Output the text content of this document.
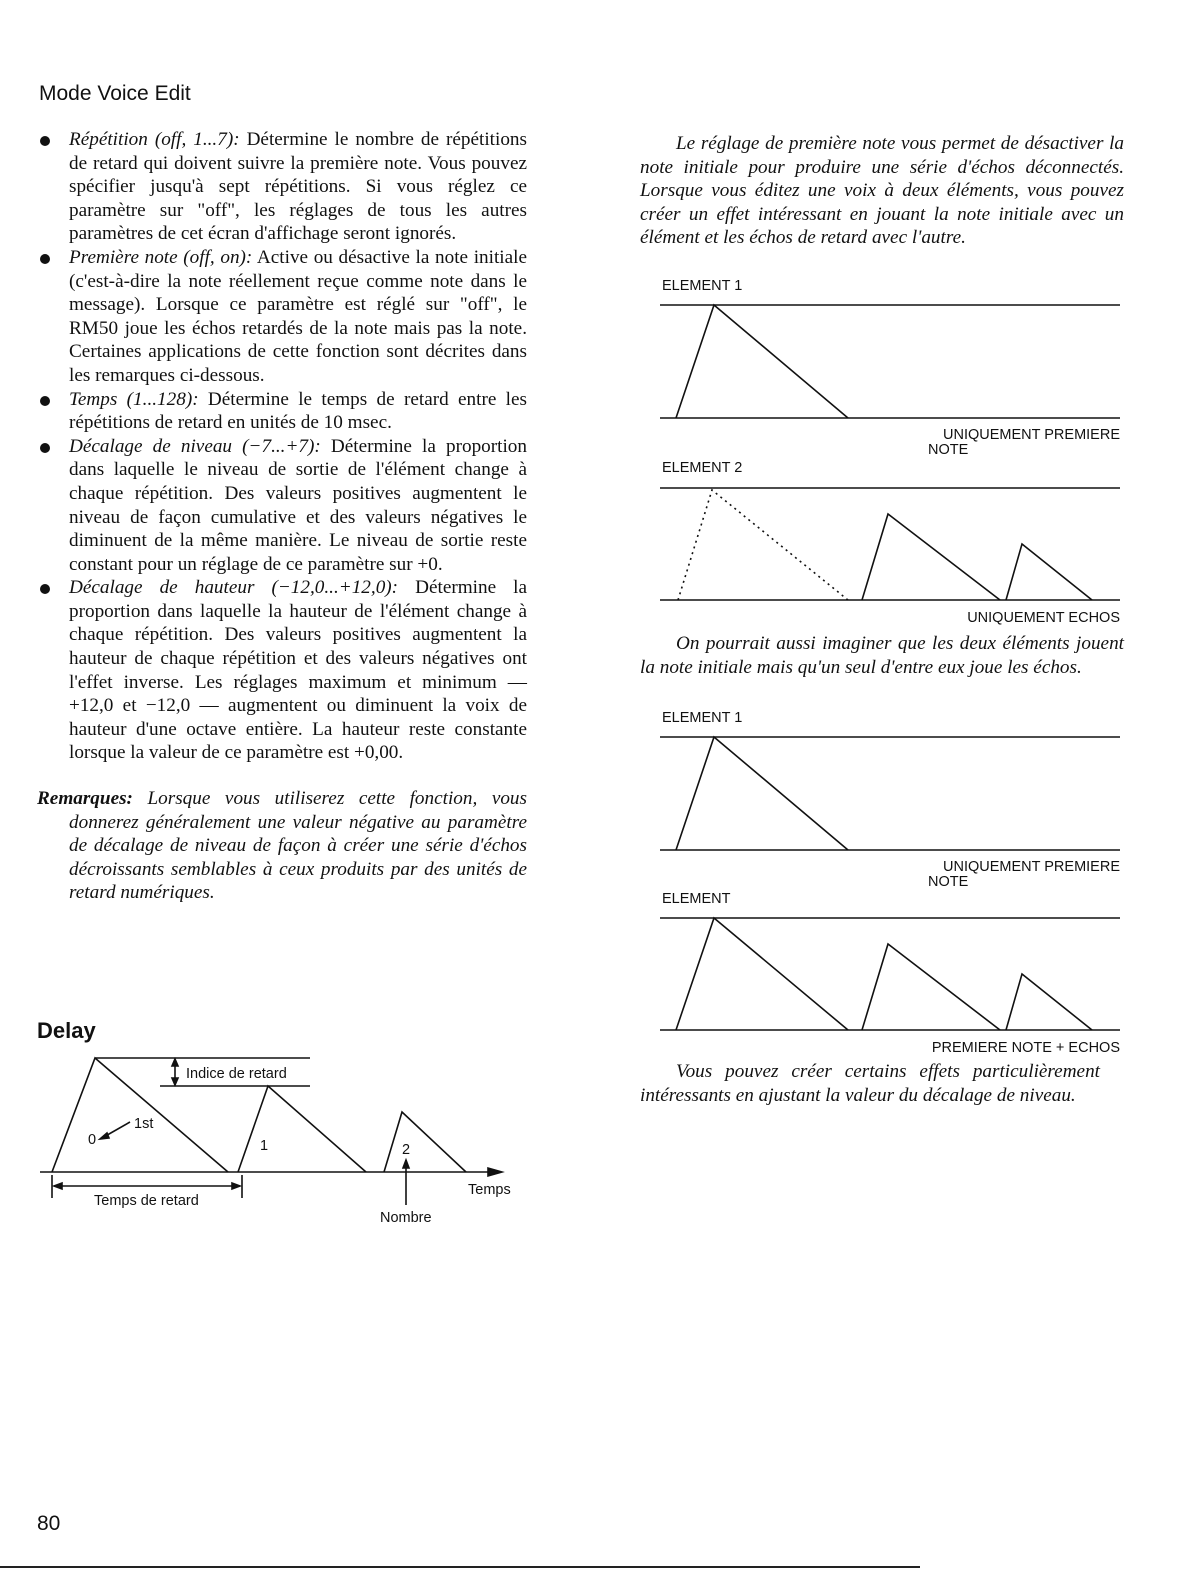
Mode Voice Edit
Répétition (off, 1...7): Détermine le nombre de répétitions de retard qui doivent suivre la première note. Vous pouvez spécifier jusqu'à sept répétitions. Si vous réglez ce paramètre sur "off", les réglages de tous les autres paramètres de cet écran d'affichage seront ignorés.
Première note (off, on): Active ou désactive la note initiale (c'est-à-dire la note réellement reçue comme note dans le message). Lorsque ce paramètre est réglé sur "off", le RM50 joue les échos retardés de la note mais pas la note. Certaines applications de cette fonction sont décrites dans les remarques ci-dessous.
Temps (1...128): Détermine le temps de retard entre les répétitions de retard en unités de 10 msec.
Décalage de niveau (−7...+7): Détermine la proportion dans laquelle le niveau de sortie de l'élément change à chaque répétition. Des valeurs positives augmentent le niveau de façon cumulative et des valeurs négatives le diminuent de la même manière. Le niveau de sortie reste constant pour un réglage de ce paramètre sur +0.
Décalage de hauteur (−12,0...+12,0): Détermine la proportion dans laquelle la hauteur de l'élément change à chaque répétition. Des valeurs positives augmentent la hauteur de chaque répétition et des valeurs négatives ont l'effet inverse. Les réglages maximum et minimum — +12,0 et −12,0 — augmentent ou diminuent la voix de hauteur d'une octave entière. La hauteur reste constante lorsque la valeur de ce paramètre est +0,00.
Remarques: Lorsque vous utiliserez cette fonction, vous donnerez généralement une valeur négative au paramètre de décalage de niveau de façon à créer une série d'échos décroissants semblables à ceux produits par des unités de retard numériques.
Delay
Indice de retard
1st
0	1	2
Temps de retard
Temps
Nombre
Le réglage de première note vous permet de désactiver la note initiale pour produire une série d'échos déconnectés. Lorsque vous éditez une voix à deux éléments, vous pouvez créer un effet intéressant en jouant la note initiale avec un élément et les échos de retard avec l'autre.
ELEMENT 1
UNIQUEMENT PREMIERE
NOTE
ELEMENT 2
UNIQUEMENT ECHOS
On pourrait aussi imaginer que les deux éléments jouent la note initiale mais qu'un seul d'entre eux joue les échos.
ELEMENT 1
UNIQUEMENT PREMIERE
NOTE
ELEMENT
PREMIERE NOTE + ECHOS
Vous pouvez créer certains effets particulièrement intéressants en ajustant la valeur du décalage de niveau.
80
